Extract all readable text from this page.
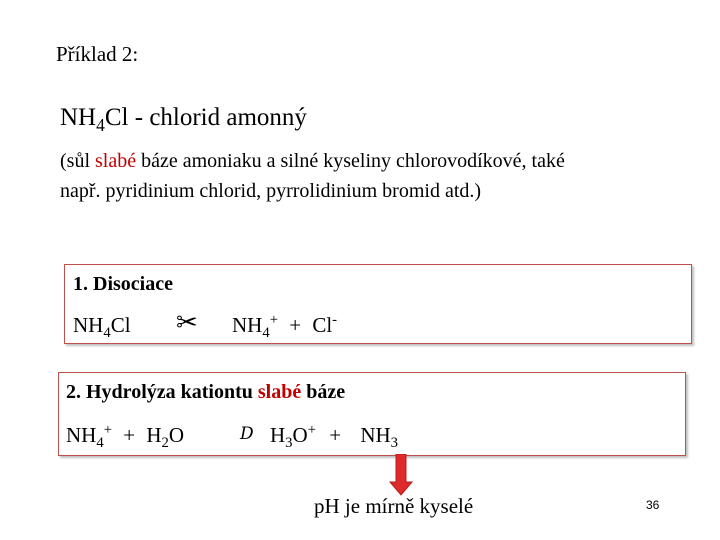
Příklad 2:
$NH_4Cl$ - chlorid amonný
(sůl slabé báze amoniaku a silné kyseliny chlorovodíkové, také
např. pyridinium chlorid, pyrrolidinium bromid atd.)
1. Disociace
$NH_4Cl$ ✂ $NH_4^+ + Cl^-$
2. Hydrolýza kationtu slabé báze
$NH_4^+ + H_2O$	D $H_3O^+ + NH_3$
pH je mírně kyselé	36
